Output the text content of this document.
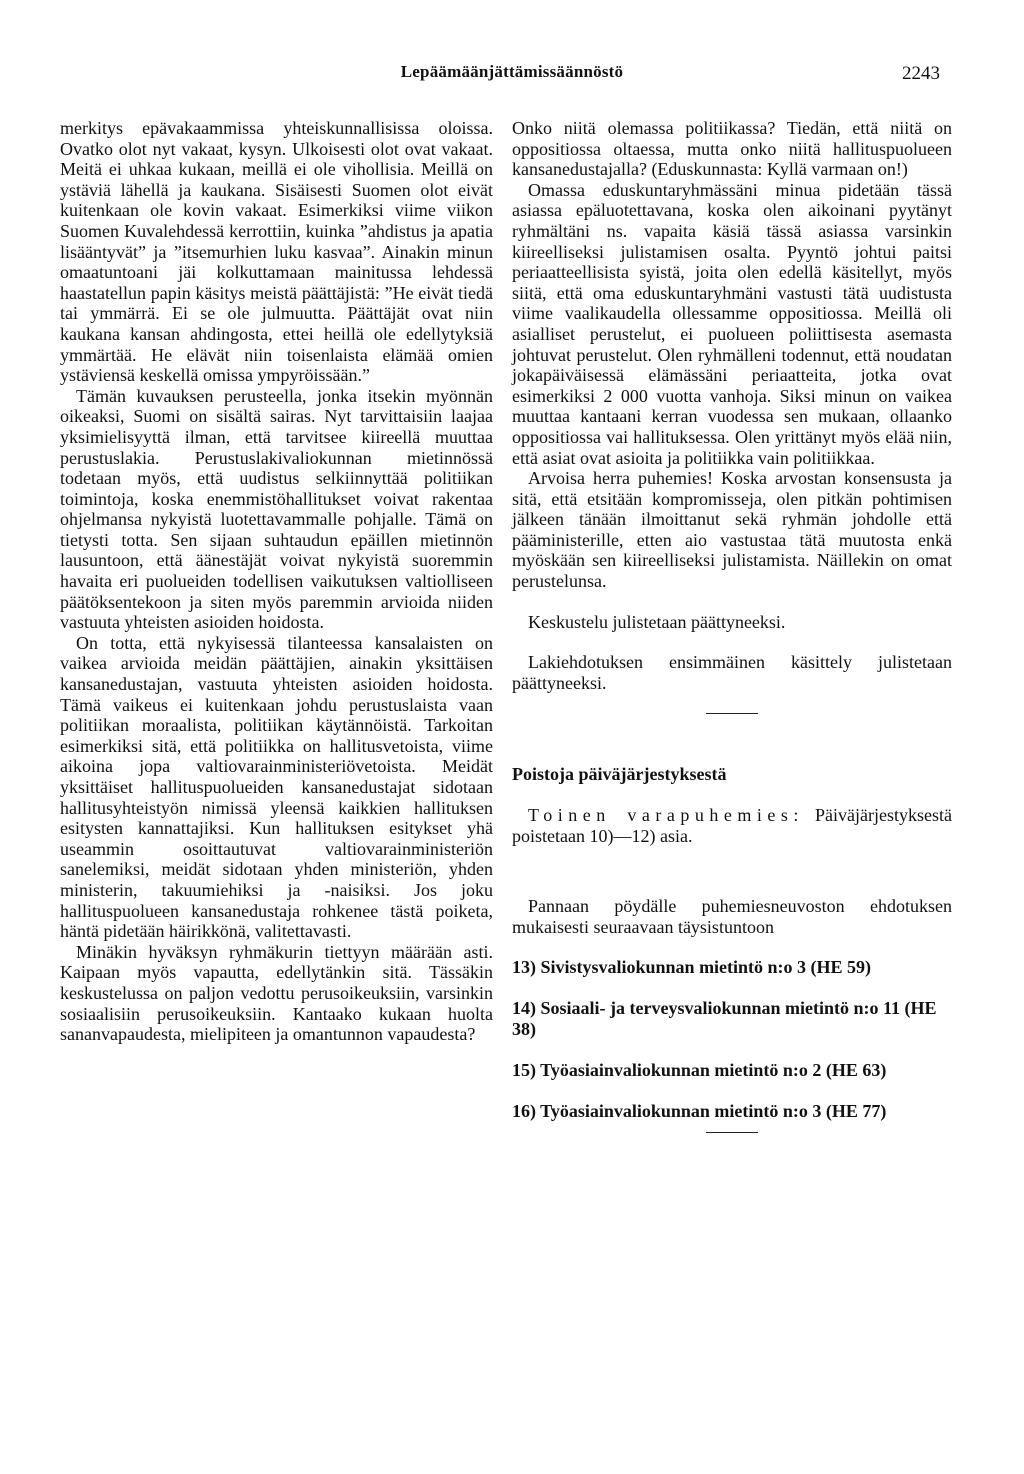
Lepäämäänjättämissäännöstö	2243

merkitys epävakaammissa yhteiskunnallisissa oloissa. Ovatko olot nyt vakaat, kysyn. Ulkoisesti olot ovat vakaat. Meitä ei uhkaa kukaan, meillä ei ole vihollisia. Meillä on ystäviä lähellä ja kaukana. Sisäisesti Suomen olot eivät kuitenkaan ole kovin vakaat. Esimerkiksi viime viikon Suomen Kuvalehdessä kerrottiin, kuinka ”ahdistus ja apatia lisääntyvät” ja ”itsemurhien luku kasvaa”. Ainakin minun omaatuntoani jäi kolkuttamaan mainitussa lehdessä haastatellun papin käsitys meistä päättäjistä: ”He eivät tiedä tai ymmärrä. Ei se ole julmuutta. Päättäjät ovat niin kaukana kansan ahdingosta, ettei heillä ole edellytyksiä ymmärtää. He elävät niin toisenlaista elämää omien ystäviensä keskellä omissa ympyröissään.”

Tämän kuvauksen perusteella, jonka itsekin myönnän oikeaksi, Suomi on sisältä sairas. Nyt tarvittaisiin laajaa yksimielisyyttä ilman, että tarvitsee kiireellä muuttaa perustuslakia. Perustuslakivaliokunnan mietinnössä todetaan myös, että uudistus selkiinnyttää politiikan toimintoja, koska enemmistöhallitukset voivat rakentaa ohjelmansa nykyistä luotettavammalle pohjalle. Tämä on tietysti totta. Sen sijaan suhtaudun epäillen mietinnön lausuntoon, että äänestäjät voivat nykyistä suoremmin havaita eri puolueiden todellisen vaikutuksen valtiolliseen päätöksentekoon ja siten myös paremmin arvioida niiden vastuuta yhteisten asioiden hoidosta.

On totta, että nykyisessä tilanteessa kansalaisten on vaikea arvioida meidän päättäjien, ainakin yksittäisen kansanedustajan, vastuuta yhteisten asioiden hoidosta. Tämä vaikeus ei kuitenkaan johdu perustuslaista vaan politiikan moraalista, politiikan käytännöistä. Tarkoitan esimerkiksi sitä, että politiikka on hallitusvetoista, viime aikoina jopa valtiovarainministeriövetoista. Meidät yksittäiset hallituspuolueiden kansanedustajat sidotaan hallitusyhteistyön nimissä yleensä kaikkien hallituksen esitysten kannattajiksi. Kun hallituksen esitykset yhä useammin osoittautuvat valtiovarainministeriön sanelemiksi, meidät sidotaan yhden ministeriön, yhden ministerin, takuumiehiksi ja -naisiksi. Jos joku hallituspuolueen kansanedustaja rohkenee tästä poiketa, häntä pidetään häirikkönä, valitettavasti.

Minäkin hyväksyn ryhmäkurin tiettyyn määrään asti. Kaipaan myös vapautta, edellytänkin sitä. Tässäkin keskustelussa on paljon vedottu perusoikeuksiin, varsinkin sosiaalisiin perusoikeuksiin. Kantaako kukaan huolta sananvapaudesta, mielipiteen ja omantunnon vapaudesta?

Onko niitä olemassa politiikassa? Tiedän, että niitä on oppositiossa oltaessa, mutta onko niitä hallituspuolueen kansanedustajalla? (Eduskunnasta: Kyllä varmaan on!)

Omassa eduskuntaryhmässäni minua pidetään tässä asiassa epäluotettavana, koska olen aikoinani pyytänyt ryhmältäni ns. vapaita käsiä tässä asiassa varsinkin kiireelliseksi julistamisen osalta. Pyyntö johtui paitsi periaatteellisista syistä, joita olen edellä käsitellyt, myös siitä, että oma eduskuntaryhmäni vastusti tätä uudistusta viime vaalikaudella ollessamme oppositiossa. Meillä oli asialliset perustelut, ei puolueen poliittisesta asemasta johtuvat perustelut. Olen ryhmälleni todennut, että noudatan jokapäiväisessä elämässäni periaatteita, jotka ovat esimerkiksi 2 000 vuotta vanhoja. Siksi minun on vaikea muuttaa kantaani kerran vuodessa sen mukaan, ollaanko oppositiossa vai hallituksessa. Olen yrittänyt myös elää niin, että asiat ovat asioita ja politiikka vain politiikkaa.

Arvoisa herra puhemies! Koska arvostan konsensusta ja sitä, että etsitään kompromisseja, olen pitkän pohtimisen jälkeen tänään ilmoittanut sekä ryhmän johdolle että pääministerille, etten aio vastustaa tätä muutosta enkä myöskään sen kiireelliseksi julistamista. Näillekin on omat perustelunsa.

Keskustelu julistetaan päättyneeksi.

Lakiehdotuksen ensimmäinen käsittely julistetaan päättyneeksi.

Poistoja päiväjärjestyksestä

Toinen varapuhemies: Päiväjärjestyksestä poistetaan 10)—12) asia.

Pannaan pöydälle puhemiesneuvoston ehdotuksen mukaisesti seuraavaan täysistuntoon

13) Sivistysvaliokunnan mietintö n:o 3 (HE 59)

14) Sosiaali- ja terveysvaliokunnan mietintö n:o 11 (HE 38)

15) Työasiainvaliokunnan mietintö n:o 2 (HE 63)

16) Työasiainvaliokunnan mietintö n:o 3 (HE 77)
